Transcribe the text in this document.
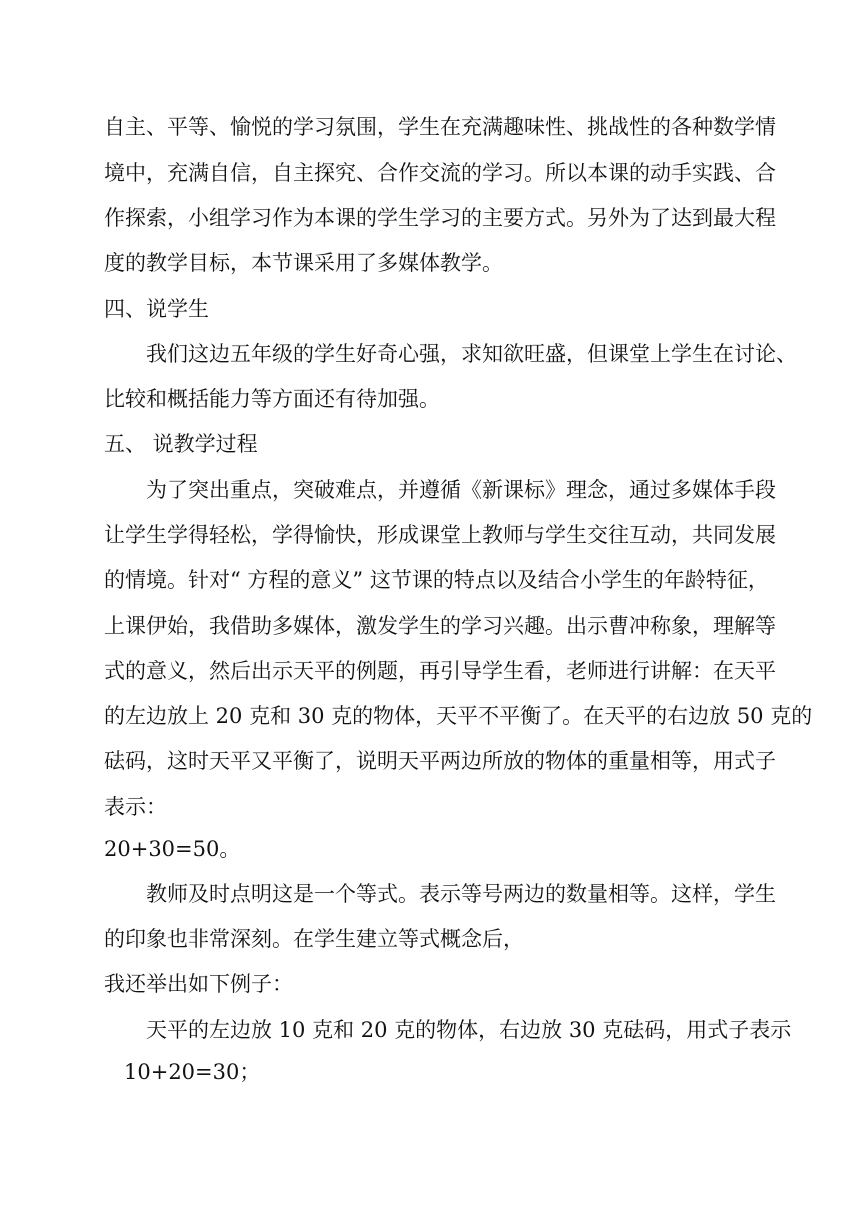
自主、平等、愉悦的学习氛围，学生在充满趣味性、挑战性的各种数学情
境中，充满自信，自主探究、合作交流的学习。所以本课的动手实践、合
作探索，小组学习作为本课的学生学习的主要方式。另外为了达到最大程
度的教学目标，本节课采用了多媒体教学。
四、说学生
我们这边五年级的学生好奇心强，求知欲旺盛，但课堂上学生在讨论、
比较和概括能力等方面还有待加强。
五、 说教学过程
为了突出重点，突破难点，并遵循《新课标》理念，通过多媒体手段
让学生学得轻松，学得愉快，形成课堂上教师与学生交往互动，共同发展
的情境。针对“ 方程的意义” 这节课的特点以及结合小学生的年龄特征，
上课伊始，我借助多媒体，激发学生的学习兴趣。出示曹冲称象，理解等
式的意义，然后出示天平的例题，再引导学生看，老师进行讲解：在天平
的左边放上 20 克和 30 克的物体，天平不平衡了。在天平的右边放 50 克的
砝码，这时天平又平衡了，说明天平两边所放的物体的重量相等，用式子
表示：
20+30=50。
教师及时点明这是一个等式。表示等号两边的数量相等。这样，学生
的印象也非常深刻。在学生建立等式概念后，
我还举出如下例子：
天平的左边放 10 克和 20 克的物体，右边放 30 克砝码，用式子表示
10+20=30；
